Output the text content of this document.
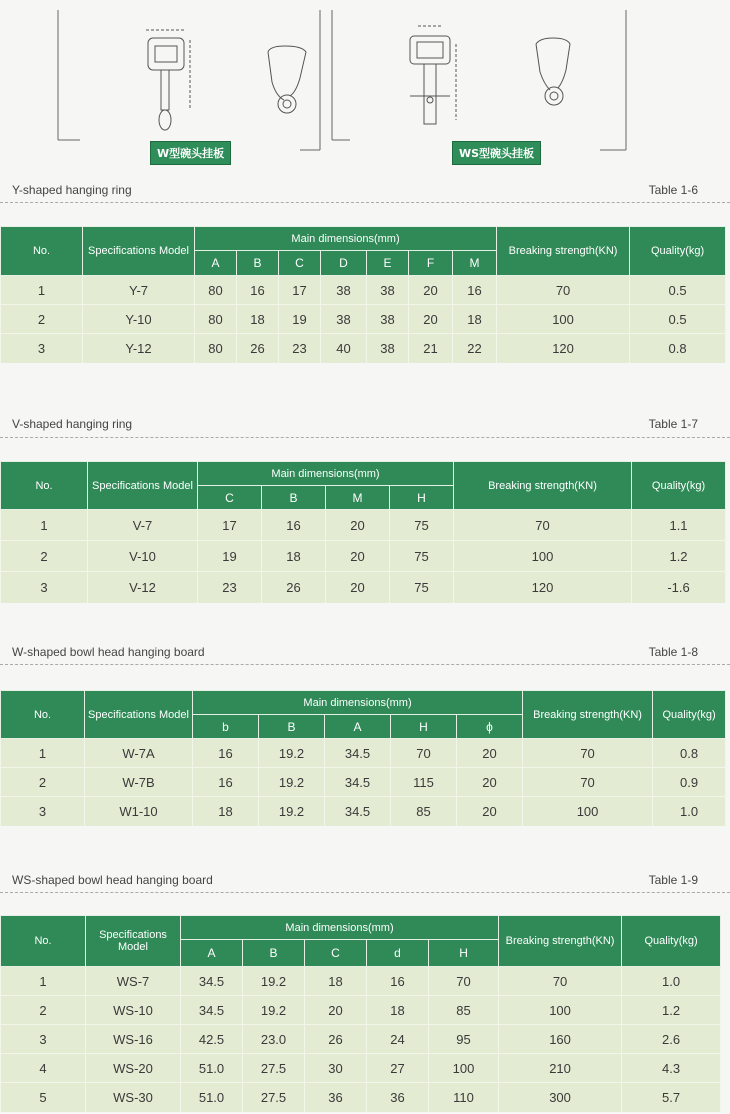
W型碗头挂板	WS型碗头挂板
Y-shaped hanging ring	Table 1-6
No.	Specifications Model	Main dimensions(mm)							Breaking strength(KN)	Quality(kg)
		A	B	C	D	E	F	M		
1	Y-7	80	16	17	38	38	20	16	70	0.5
2	Y-10	80	18	19	38	38	20	18	100	0.5
3	Y-12	80	26	23	40	38	21	22	120	0.8
V-shaped hanging ring	Table 1-7
No.	Specifications Model	Main dimensions(mm)				Breaking strength(KN)	Quality(kg)
		C	B	M	H		
1	V-7	17	16	20	75	70	1.1
2	V-10	19	18	20	75	100	1.2
3	V-12	23	26	20	75	120	-1.6
W-shaped bowl head hanging board	Table 1-8
No.	Specifications Model	Main dimensions(mm)					Breaking strength(KN)	Quality(kg)
		b	B	A	H	ϕ		
1	W-7A	16	19.2	34.5	70	20	70	0.8
2	W-7B	16	19.2	34.5	115	20	70	0.9
3	W1-10	18	19.2	34.5	85	20	100	1.0
WS-shaped bowl head hanging board	Table 1-9
No.	Specifications Model	Main dimensions(mm)					Breaking strength(KN)	Quality(kg)
		A	B	C	d	H		
1	WS-7	34.5	19.2	18	16	70	70	1.0
2	WS-10	34.5	19.2	20	18	85	100	1.2
3	WS-16	42.5	23.0	26	24	95	160	2.6
4	WS-20	51.0	27.5	30	27	100	210	4.3
5	WS-30	51.0	27.5	36	36	110	300	5.7
